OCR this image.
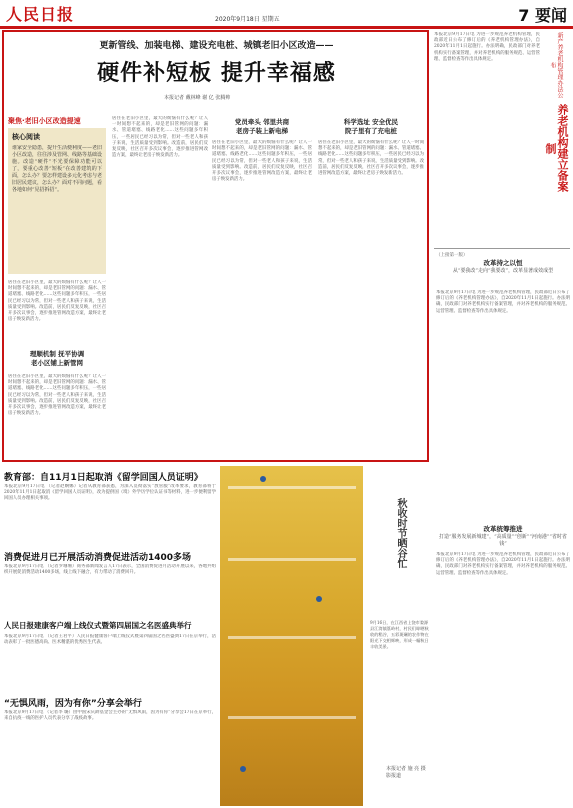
人民日报	2020年9月18日 星期五	7 要闻
更新管线、加装电梯、建设充电桩、城镇老旧小区改造——
硬件补短板 提升幸福感
本报记者 戴林峰 谢 亿 张腾帅
聚焦·老旧小区改造提速
核心阅读
谁家安全隐患，提升生活便利度——老旧小区改造，往往涉及管网、线路等基础设施。改造“硬件”不光要保障功能可以了，要重心改善“短板”在改善建筑的下面，怎么办？要怎样建设多元化考虑与老旧居民建议，怎么办？面对不同问题，看各地如何“见招拆招”。
居住在老旧小区里，最大的烦恼有什么呢？让人一时间想不起来的，却是老旧管网的问题：漏水、管道堵塞、线路老化……这些问题多年积压，一些居民已经习以为常，但对一些老人和孩子来说，生活质量受到影响。改造前，居民们反复反映，社区召开多次议事会，逐步推进管网改造方案，最终让老房子焕发新活力。
理顺机制 抚平协调
老小区铺上新管网
居住在老旧小区里，最大的烦恼有什么呢？让人一时间想不起来的，却是老旧管网的问题：漏水、管道堵塞、线路老化……这些问题多年积压，一些居民已经习以为常，但对一些老人和孩子来说，生活质量受到影响。改造前，居民们反复反映，社区召开多次议事会，逐步推进管网改造方案，最终让老房子焕发新活力。
居住在老旧小区里，最大的烦恼有什么呢？让人一时间想不起来的，却是老旧管网的问题：漏水、管道堵塞、线路老化……这些问题多年积压，一些居民已经习以为常，但对一些老人和孩子来说，生活质量受到影响。改造前，居民们反复反映，社区召开多次议事会，逐步推进管网改造方案，最终让老房子焕发新活力。
党员牵头 邻里共商
老房子装上新电梯
居住在老旧小区里，最大的烦恼有什么呢？让人一时间想不起来的，却是老旧管网的问题：漏水、管道堵塞、线路老化……这些问题多年积压，一些居民已经习以为常，但对一些老人和孩子来说，生活质量受到影响。改造前，居民们反复反映，社区召开多次议事会，逐步推进管网改造方案，最终让老房子焕发新活力。
科学选址 安全优民
院子里有了充电桩
居住在老旧小区里，最大的烦恼有什么呢？让人一时间想不起来的，却是老旧管网的问题：漏水、管道堵塞、线路老化……这些问题多年积压，一些居民已经习以为常，但对一些老人和孩子来说，生活质量受到影响。改造前，居民们反复反映，社区召开多次议事会，逐步推进管网改造方案，最终让老房子焕发新活力。
本报北京9月17日电 为进一步规范养老机构管理，民政部近日公布了修订后的《养老机构管理办法》，自2020年11月1日起施行。办法明确，民政部门对养老机构实行备案管理，并对养老机构的服务规范、运营管理、监督检查等作出具体规定。	新产养老机构管理办法公布
养老机构建立备案制
（上接第一版）
改革持之以恒
从“要我改”走向“我要改”，改革显著成效成型
本报北京9月17日电 为进一步规范养老机构管理，民政部近日公布了修订后的《养老机构管理办法》，自2020年11月1日起施行。办法明确，民政部门对养老机构实行备案管理，并对养老机构的服务规范、运营管理、监督检查等作出具体规定。
改革统筹推进
打造“服务发展新城建”，“高质量”“创新”“河南港”“省时省钱”
本报北京9月17日电 为进一步规范养老机构管理，民政部近日公布了修订后的《养老机构管理办法》，自2020年11月1日起施行。办法明确，民政部门对养老机构实行备案管理，并对养老机构的服务规范、运营管理、监督检查等作出具体规定。
教育部：自11月1日起取消《留学回国人员证明》
本报北京9月17日电 （记者赵婀娜）记者从教育部获悉，为深入贯彻落实“放管服”改革要求，教育部将于2020年11月1日起取消《留学回国人员证明》，改为提供国（境）外学历学位认证书等材料，进一步便利留学回国人员办理相关事项。
消费促进月已开展活动消费促进活动1400多场
本报北京9月17日电 （记者罗珊珊）商务部新闻发言人17日表示，全国消费促进月活动开展以来，各地共组织开展促消费活动1400多场，线上线下融合，有力带动了消费回升。
人民日报建康客户端上线仪式暨第四届国之名医盛典举行
本报北京9月17日电 （记者王君平）人民日报健康客户端上线仪式暨第四届国之名医盛典17日在京举行，活动表彰了一批医德高尚、医术精湛的优秀医生代表。
“无惧风雨，因为有你”分享会举行
本报北京9月17日电 （记者李 璐）由中国宋庆龄基金会主办的“无惧风雨，因为有你”分享会17日在京举行，来自抗疫一线的医护人员代表分享了战疫故事。
秋收时节晒谷忙
9月16日，在江西省上饶市婺源县江湾镇篁岭村，村民们晾晒秋收的稻谷，五彩斑斓的农作物在阳光下交相辉映，形成一幅秋日丰收美景。
本报记者 施 亮 摄影报道
